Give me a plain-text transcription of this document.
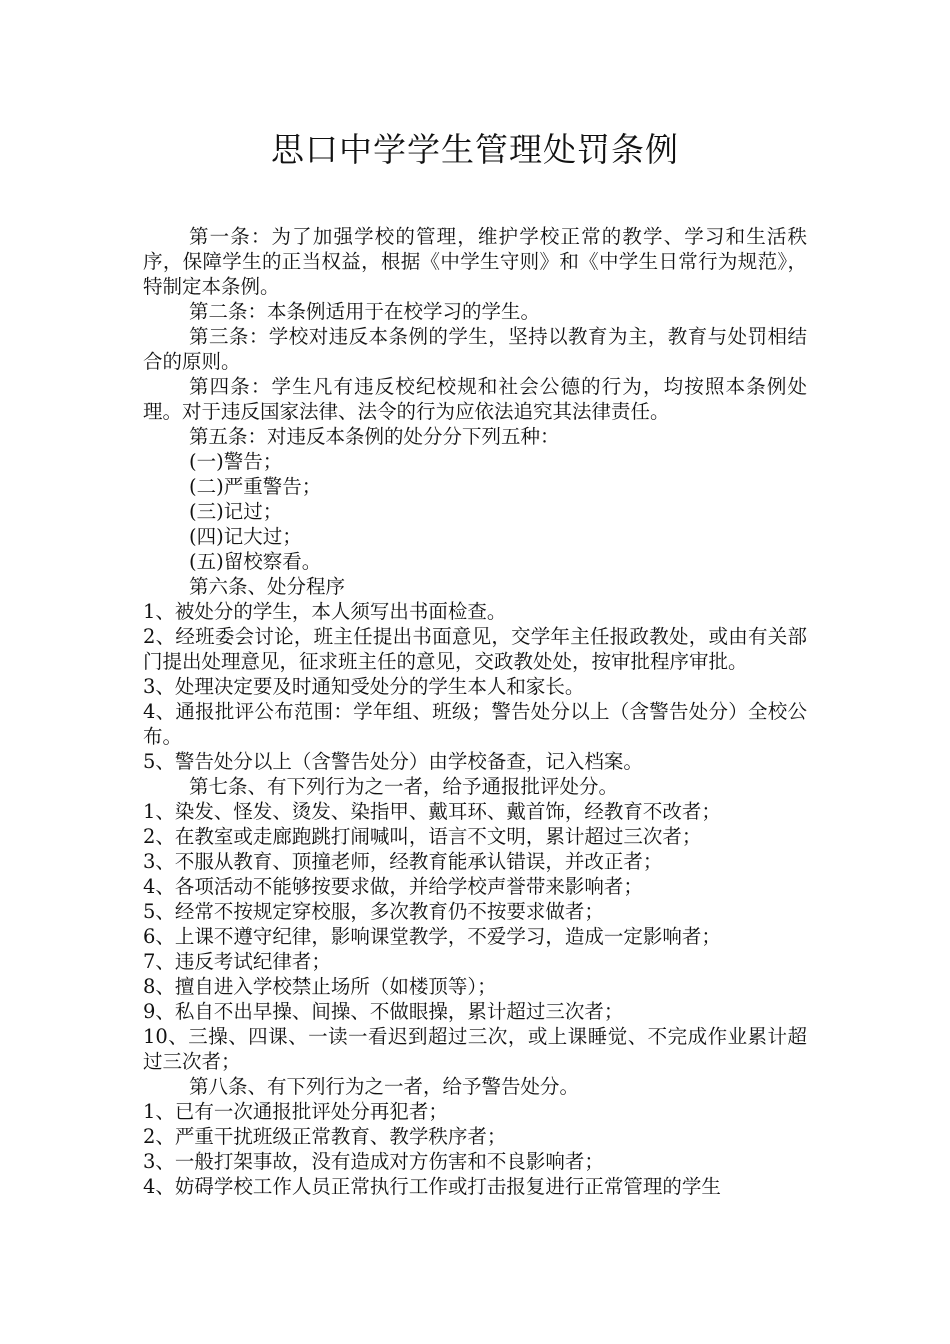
思口中学学生管理处罚条例

第一条：为了加强学校的管理，维护学校正常的教学、学习和生活秩序，保障学生的正当权益，根据《中学生守则》和《中学生日常行为规范》，特制定本条例。

第二条：本条例适用于在校学习的学生。

第三条：学校对违反本条例的学生，坚持以教育为主，教育与处罚相结合的原则。

第四条：学生凡有违反校纪校规和社会公德的行为，均按照本条例处理。对于违反国家法律、法令的行为应依法追究其法律责任。

第五条：对违反本条例的处分分下列五种：

(一)警告；

(二)严重警告；

(三)记过；

(四)记大过；

(五)留校察看。

第六条、处分程序

1、被处分的学生，本人须写出书面检查。

2、经班委会讨论，班主任提出书面意见，交学年主任报政教处，或由有关部门提出处理意见，征求班主任的意见，交政教处处，按审批程序审批。

3、处理决定要及时通知受处分的学生本人和家长。

4、通报批评公布范围：学年组、班级；警告处分以上（含警告处分）全校公布。

5、警告处分以上（含警告处分）由学校备查，记入档案。

第七条、有下列行为之一者，给予通报批评处分。

1、染发、怪发、烫发、染指甲、戴耳环、戴首饰，经教育不改者；

2、在教室或走廊跑跳打闹喊叫，语言不文明，累计超过三次者；

3、不服从教育、顶撞老师，经教育能承认错误，并改正者；

4、各项活动不能够按要求做，并给学校声誉带来影响者；

5、经常不按规定穿校服，多次教育仍不按要求做者；

6、上课不遵守纪律，影响课堂教学，不爱学习，造成一定影响者；

7、违反考试纪律者；

8、擅自进入学校禁止场所（如楼顶等）；

9、私自不出早操、间操、不做眼操，累计超过三次者；

10、三操、四课、一读一看迟到超过三次，或上课睡觉、不完成作业累计超过三次者；

第八条、有下列行为之一者，给予警告处分。

1、已有一次通报批评处分再犯者；

2、严重干扰班级正常教育、教学秩序者；

3、一般打架事故，没有造成对方伤害和不良影响者；

4、妨碍学校工作人员正常执行工作或打击报复进行正常管理的学生
